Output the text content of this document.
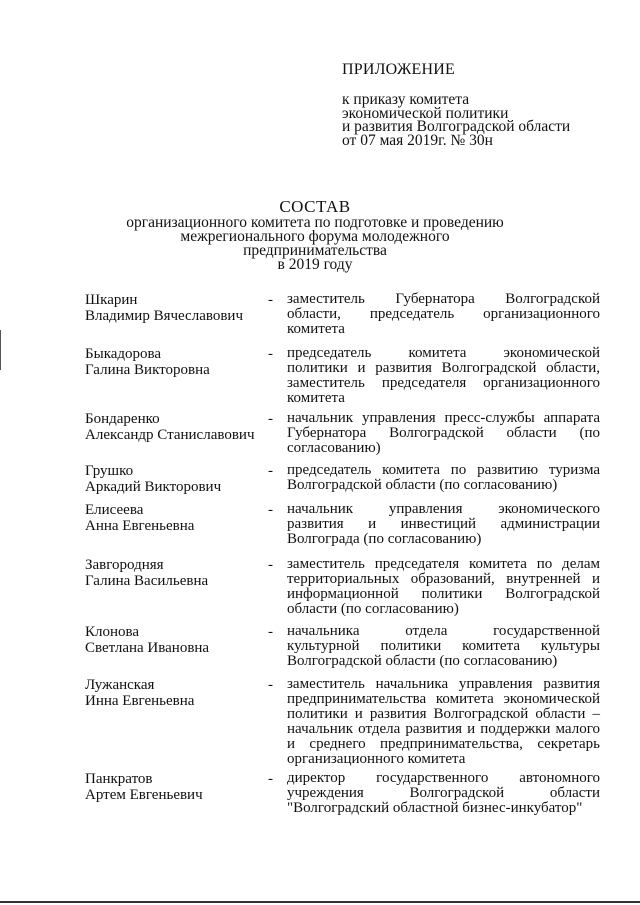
ПРИЛОЖЕНИЕ
к приказу комитета
экономической политики
и развития Волгоградской области
от 07 мая 2019г. № 30н
СОСТАВ
организационного комитета по подготовке и проведению
межрегионального форума молодежного предпринимательства
в 2019 году
Шкарин
Владимир Вячеславович
- заместитель Губернатора Волгоградской
области, председатель организационного
комитета
Быкадорова
Галина Викторовна
- председатель комитета экономической
политики и развития Волгоградской области,
заместитель председателя организационного
комитета
Бондаренко
Александр Станиславович
- начальник управления пресс-службы аппарата
Губернатора Волгоградской области (по
согласованию)
Грушко
Аркадий Викторович
- председатель комитета по развитию туризма
Волгоградской области (по согласованию)
Елисеева
Анна Евгеньевна
- начальник управления экономического
развития и инвестиций администрации
Волгограда (по согласованию)
Завгородняя
Галина Васильевна
- заместитель председателя комитета по делам
территориальных образований, внутренней и
информационной политики Волгоградской
области (по согласованию)
Клонова
Светлана Ивановна
- начальника отдела государственной
культурной политики комитета культуры
Волгоградской области (по согласованию)
Лужанская
Инна Евгеньевна
- заместитель начальника управления развития
предпринимательства комитета экономической
политики и развития Волгоградской области –
начальник отдела развития и поддержки малого
и среднего предпринимательства, секретарь
организационного комитета
Панкратов
Артем Евгеньевич
- директор государственного автономного
учреждения Волгоградской области
"Волгоградский областной бизнес-инкубатор"
